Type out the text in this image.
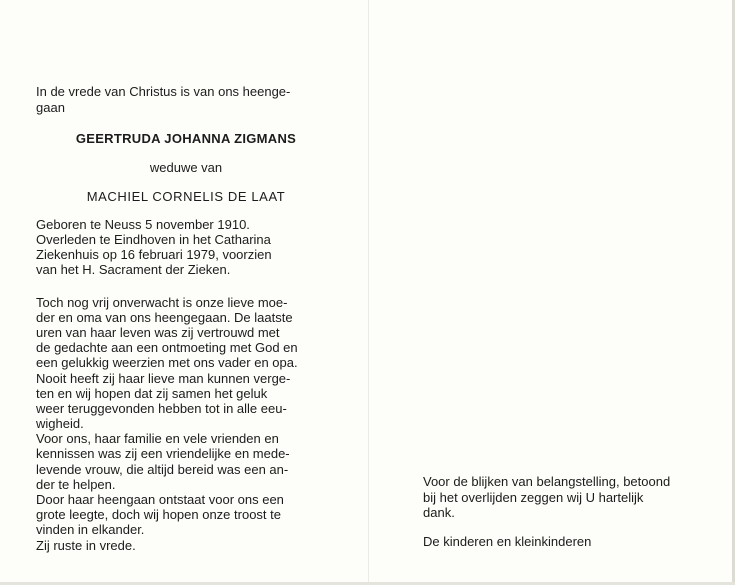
In de vrede van Christus is van ons heenge-
gaan
GEERTRUDA JOHANNA ZIGMANS
weduwe van
MACHIEL CORNELIS DE LAAT
Geboren te Neuss 5 november 1910.
Overleden te Eindhoven in het Catharina
Ziekenhuis op 16 februari 1979, voorzien
van het H. Sacrament der Zieken.
Toch nog vrij onverwacht is onze lieve moe-
der en oma van ons heengegaan. De laatste
uren van haar leven was zij vertrouwd met
de gedachte aan een ontmoeting met God en
een gelukkig weerzien met ons vader en opa.
Nooit heeft zij haar lieve man kunnen verge-
ten en wij hopen dat zij samen het geluk
weer teruggevonden hebben tot in alle eeu-
wigheid.
Voor ons, haar familie en vele vrienden en
kennissen was zij een vriendelijke en mede-
levende vrouw, die altijd bereid was een an-
der te helpen.
Door haar heengaan ontstaat voor ons een
grote leegte, doch wij hopen onze troost te
vinden in elkander.
Zij ruste in vrede.
Voor de blijken van belangstelling, betoond
bij het overlijden zeggen wij U hartelijk
dank.
De kinderen en kleinkinderen
